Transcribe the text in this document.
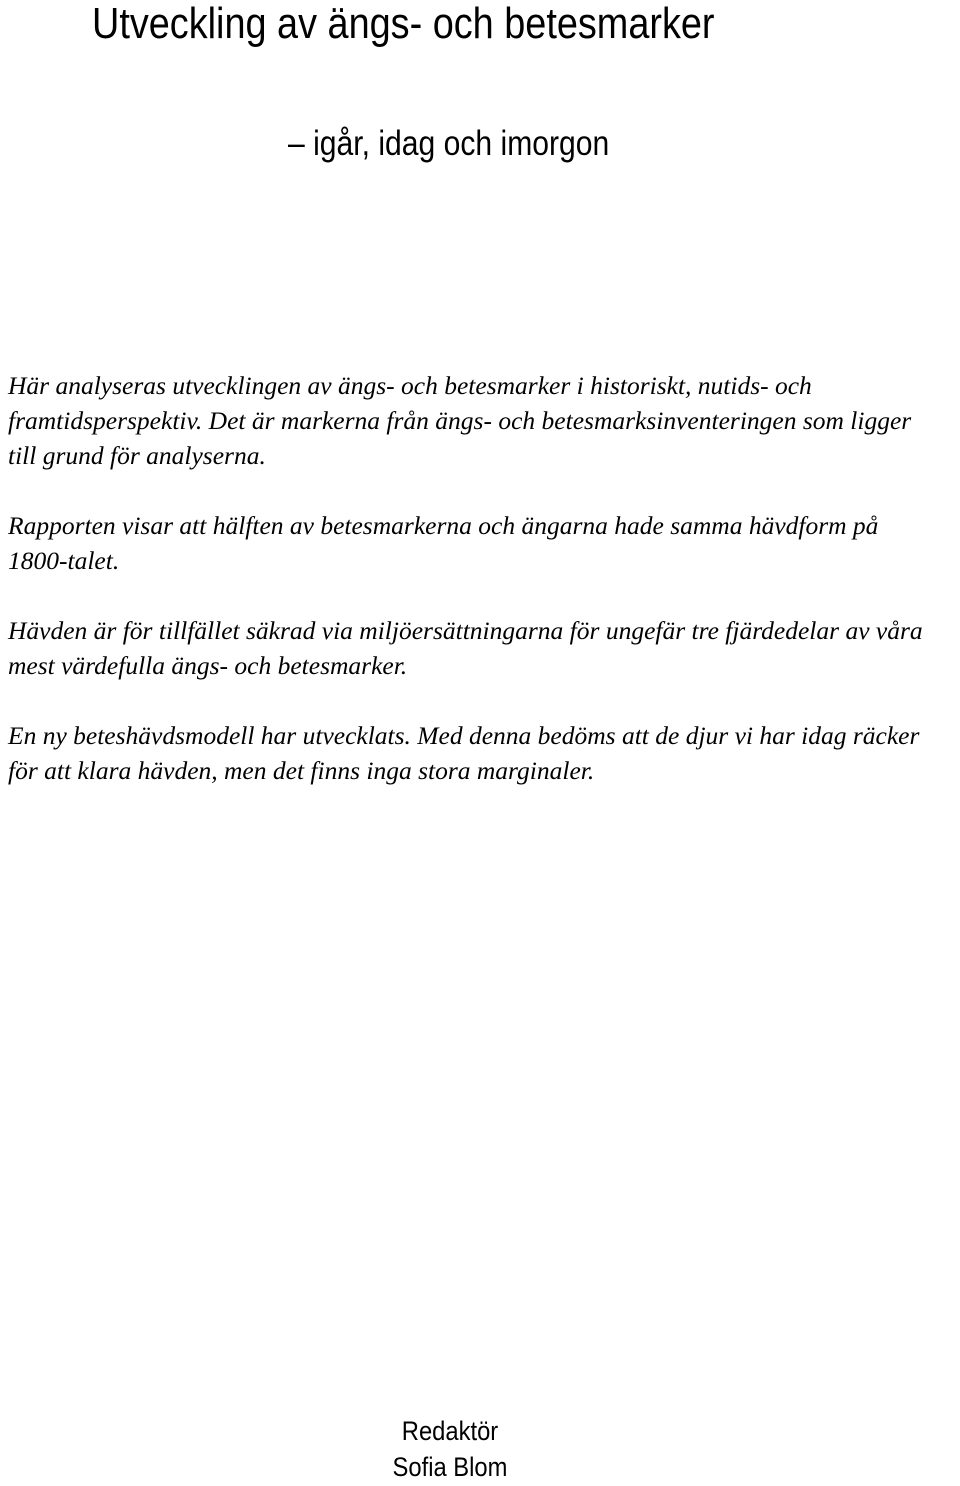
Utveckling av ängs- och betesmarker
– igår, idag och imorgon

Här analyseras utvecklingen av ängs- och betesmarker i historiskt, nutids- och framtidsperspektiv. Det är markerna från ängs- och betesmarksinventeringen som ligger till grund för analyserna.

Rapporten visar att hälften av betesmarkerna och ängarna hade samma hävdform på 1800-talet.

Hävden är för tillfället säkrad via miljöersättningarna för ungefär tre fjärdedelar av våra mest värdefulla ängs- och betesmarker.

En ny beteshävdsmodell har utvecklats. Med denna bedöms att de djur vi har idag räcker för att klara hävden, men det finns inga stora marginaler.

Redaktör
Sofia Blom
